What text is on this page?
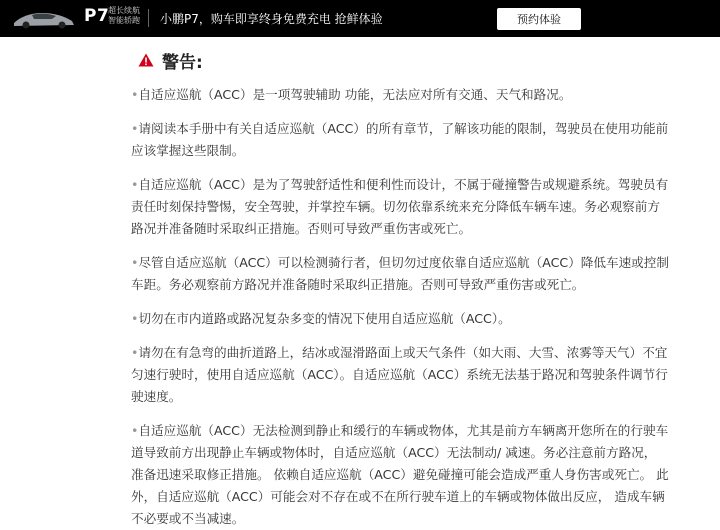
P7
超长续航
智能轿跑 小鹏P7，购车即享终身免费充电 抢鲜体验	预约体验
警告:

•自适应巡航（ACC）是一项驾驶辅助 功能，无法应对所有交通、天气和路况。

•请阅读本手册中有关自适应巡航（ACC）的所有章节，了解该功能的限制，驾驶员在使用功能前应该掌握这些限制。

•自适应巡航（ACC）是为了驾驶舒适性和便利性而设计，不属于碰撞警告或规避系统。驾驶员有责任时刻保持警惕，安全驾驶，并掌控车辆。切勿依靠系统来充分降低车辆车速。务必观察前方路况并准备随时采取纠正措施。否则可导致严重伤害或死亡。

•尽管自适应巡航（ACC）可以检测骑行者，但切勿过度依靠自适应巡航（ACC）降低车速或控制车距。务必观察前方路况并准备随时采取纠正措施。否则可导致严重伤害或死亡。

•切勿在市内道路或路况复杂多变的情况下使用自适应巡航（ACC）。

•请勿在有急弯的曲折道路上，结冰或湿滑路面上或天气条件（如大雨、大雪、浓雾等天气）不宜匀速行驶时，使用自适应巡航（ACC）。自适应巡航（ACC）系统无法基于路况和驾驶条件调节行驶速度。

•自适应巡航（ACC）无法检测到静止和缓行的车辆或物体，尤其是前方车辆离开您所在的行驶车道导致前方出现静止车辆或物体时，自适应巡航（ACC）无法制动/ 减速。务必注意前方路况， 准备迅速采取修正措施。 依赖自适应巡航（ACC）避免碰撞可能会造成严重人身伤害或死亡。 此外，自适应巡航（ACC）可能会对不存在或不在所行驶车道上的车辆或物体做出反应， 造成车辆不必要或不当减速。
